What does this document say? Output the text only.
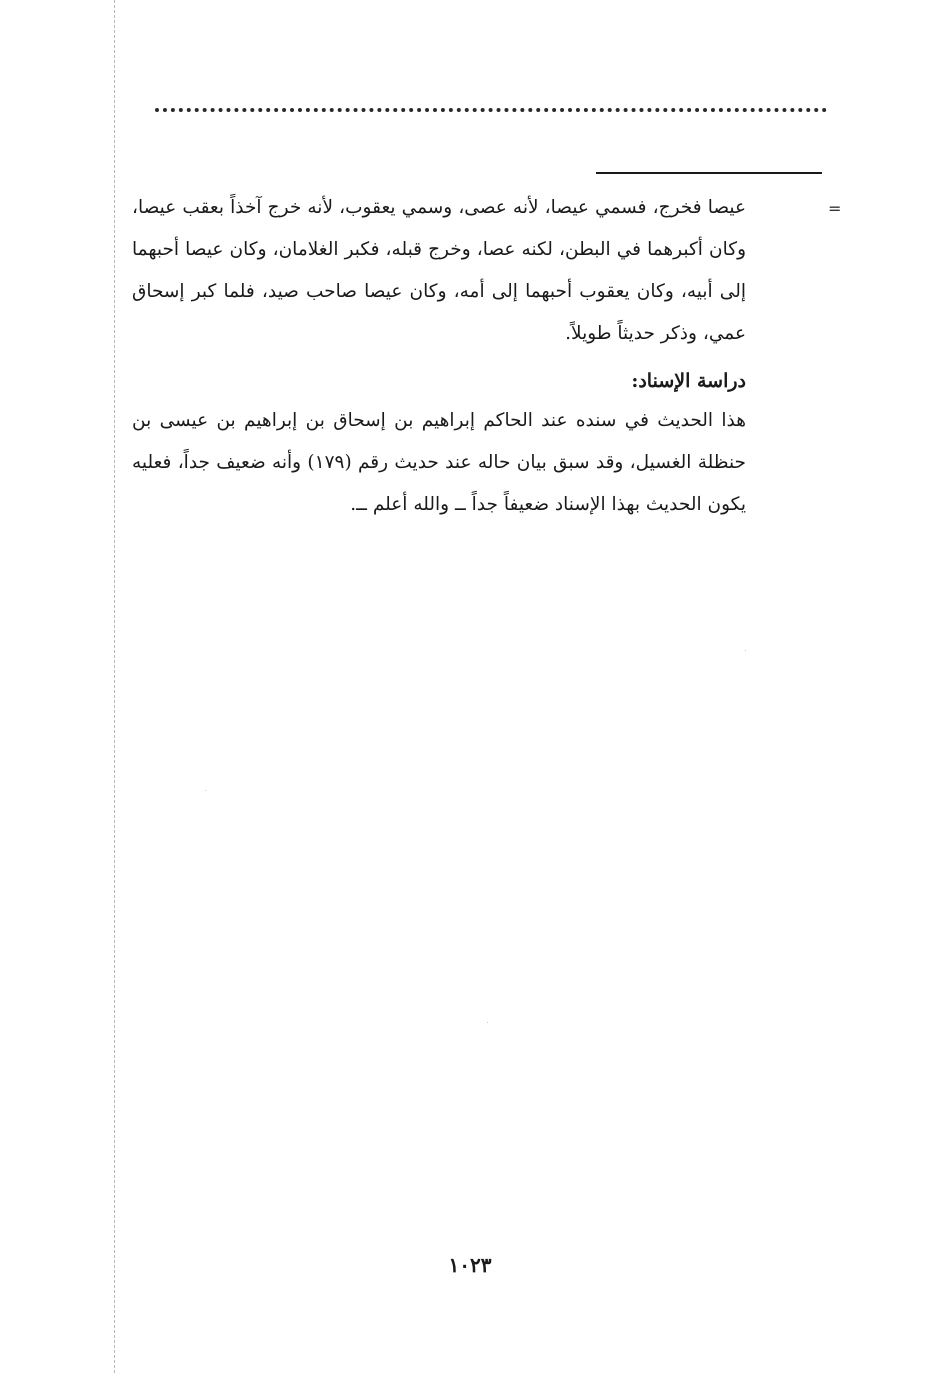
=

عيصا فخرج، فسمي عيصا، لأنه عصى، وسمي يعقوب، لأنه خرج آخذاً بعقب عيصا، وكان أكبرهما في البطن، لكنه عصا، وخرج قبله، فكبر الغلامان، وكان عيصا أحبهما إلى أبيه، وكان يعقوب أحبهما إلى أمه، وكان عيصا صاحب صيد، فلما كبر إسحاق عمي، وذكر حديثاً طويلاً.

دراسة الإسناد:

هذا الحديث في سنده عند الحاكم إبراهيم بن إسحاق بن إبراهيم بن عيسى بن حنظلة الغسيل، وقد سبق بيان حاله عند حديث رقم (١٧٩) وأنه ضعيف جداً، فعليه يكون الحديث بهذا الإسناد ضعيفاً جداً ــ والله أعلم ــ.

١٠٢٣
